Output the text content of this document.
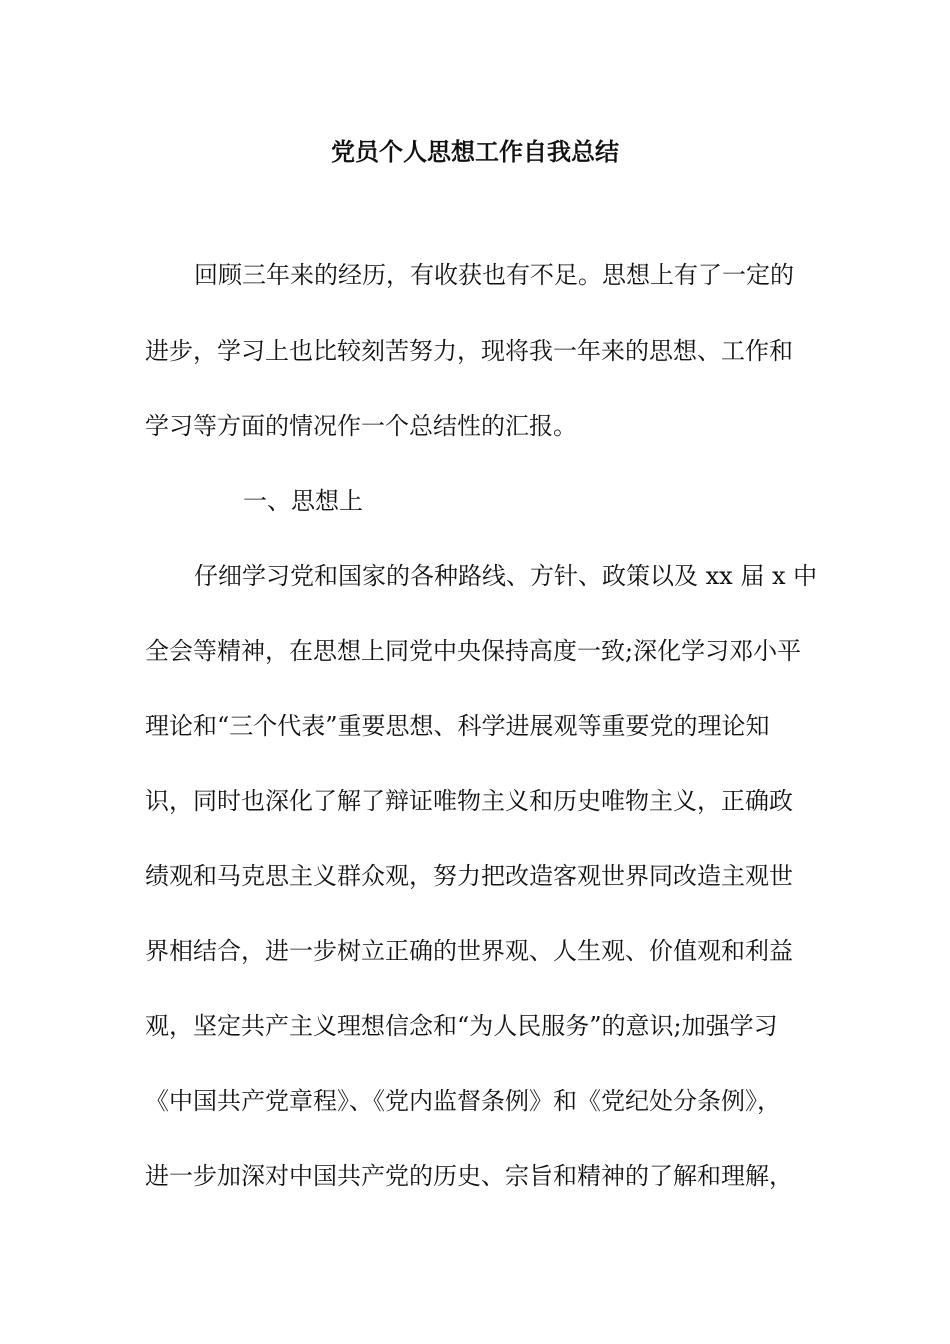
党员个人思想工作自我总结

回顾三年来的经历，有收获也有不足。思想上有了一定的

进步，学习上也比较刻苦努力，现将我一年来的思想、工作和

学习等方面的情况作一个总结性的汇报。

一、思想上

仔细学习党和国家的各种路线、方针、政策以及 xx 届 x 中

全会等精神，在思想上同党中央保持高度一致;深化学习邓小平

理论和“三个代表”重要思想、科学进展观等重要党的理论知

识，同时也深化了解了辩证唯物主义和历史唯物主义，正确政

绩观和马克思主义群众观，努力把改造客观世界同改造主观世

界相结合，进一步树立正确的世界观、人生观、价值观和利益

观，坚定共产主义理想信念和“为人民服务”的意识;加强学习

《中国共产党章程》、《党内监督条例》和《党纪处分条例》，

进一步加深对中国共产党的历史、宗旨和精神的了解和理解，
